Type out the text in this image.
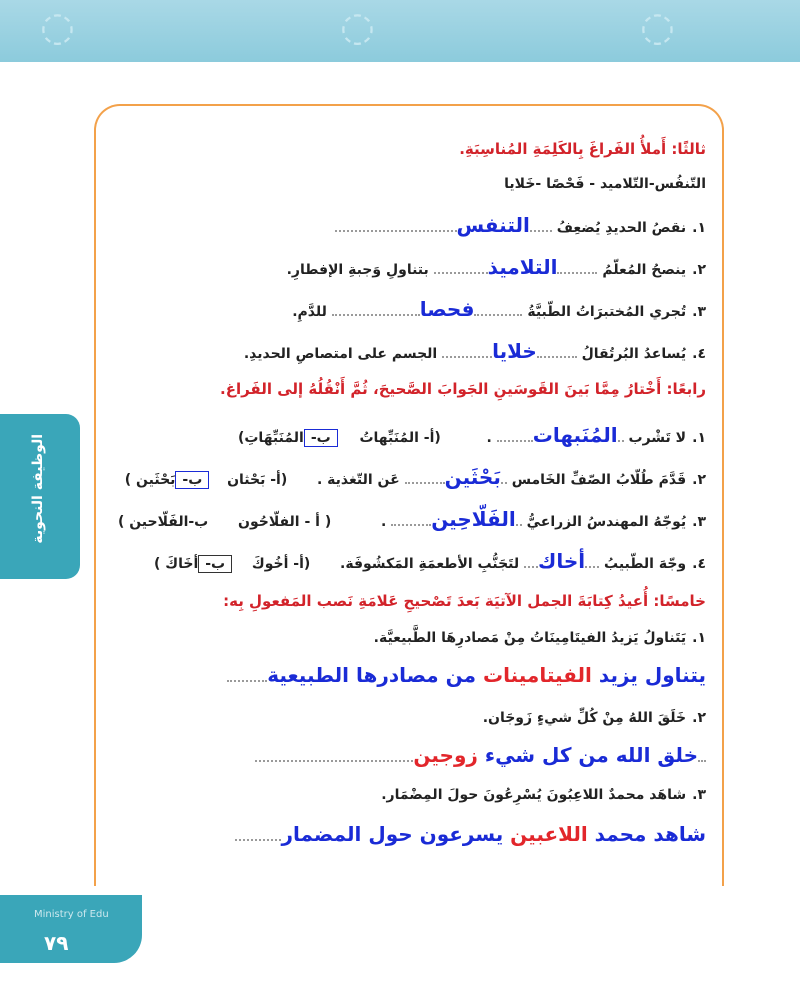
◌	◌	◌
الوظيفة النحوية
Ministry of Edu
٧٩
ثالثًا: أَملأُ الفَراغَ بِالكَلِمَةِ المُناسِبَةِ.
التّنفُس-التّلاميد - فَحْصًا -خَلايا
١.نقصُ الحديدِ يُضعِفُ التنفس
٢.ينصحُ المُعلّمُ التلاميذ بتناولِ وَجبةِ الإفطارِ.
٣.تُجري المُختبرَاتُ الطّبيَّةُ فحصا للدَّمِ.
٤.يُساعدُ البُرتُقالُ خلايا الجسم على امتصاصِ الحديدِ.
رابعًا: أَخْتارُ مِمَّا بَينَ القَوسَينِ الجَوابَ الصَّحيحَ، ثُمَّ أَنْقُلُهُ إلى الفَراغ.
١.لا تَشْرب المُنَبهات .  (أ- المُنَبِّهاتُ  ب-المُنَبِّهَاتِ)
٢.قَدَّمَ طُلّابُ الصّفِّ الخَامس بَحْثَين عَن التّغذية .  (أ- بَحْثان  ب-بَحْثَين )
٣.يُوجّهُ المهندسُ الزراعيُّ الفَلّاحِين .  ( أ - الفلّاحُون  ب-الفَلّاحين )
٤.وجّهَ الطّبيبُ أخاك لتَجَنُّبِ الأطعمَةِ المَكشُوفَة.  (أ- أخُوكَ  ب-أخَاكَ )
خامسًا: أُعيدُ كِتابَةَ الجمل الآتيَة بَعدَ تَصْحيحِ عَلامَةِ نَصب المَفعولِ بِه:
١.يَتَناولُ يَزيدُ الفيتَامِينَاتُ مِنْ مَصادرِهَا الطَّبيعيَّة.
يتناول يزيد الفيتامينات من مصادرها الطبيعية
٢.خَلَقَ اللهُ مِنْ كُلِّ شيءٍ زَوجَان.
خلق الله من كل شيء زوجين
٣.شاهَد محمدٌ اللاعِبُونَ يُسْرِعُونَ حولَ المِضْمَار.
شاهد محمد اللاعبين يسرعون حول المضمار
